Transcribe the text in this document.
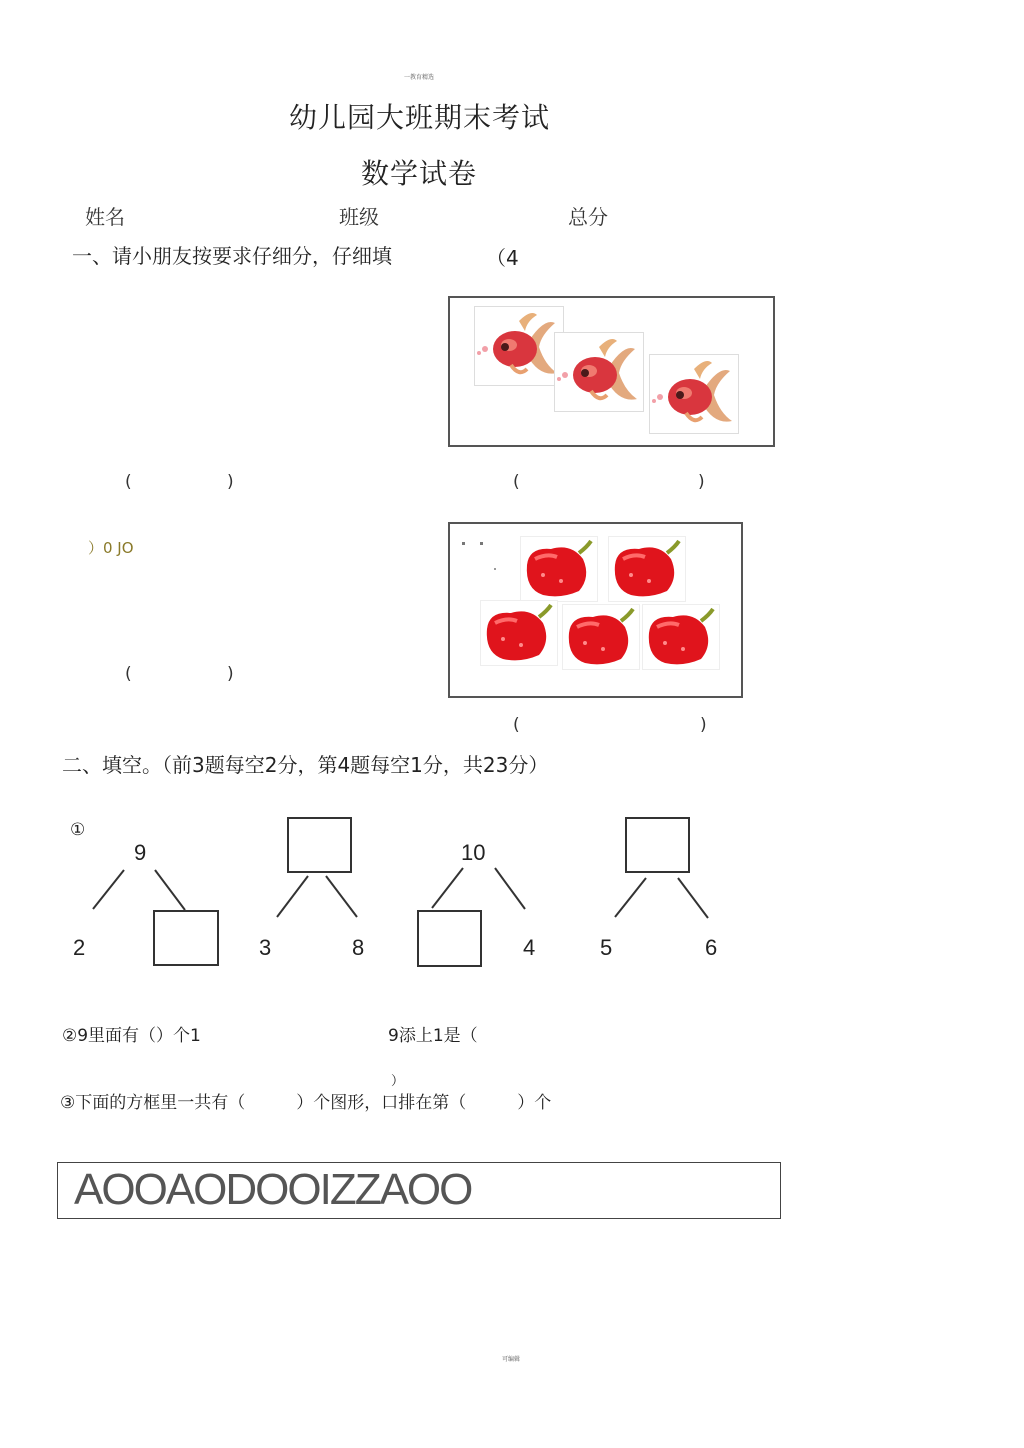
一教育精选
幼儿园大班期末考试
数学试卷
姓名	班级	总分
一、请小朋友按要求仔细分，仔细填	（4
(	)	(	)
）0 JO
(	)
(	)
二、填空。（前3题每空2分，第4题每空1分，共23分）
①
9
2	3	8
10
4	5	6
②9里面有（）个1	9添上1是（
）
③下面的方框里一共有（　　　）个图形，口排在第（　　　）个
AOOAODOOIZZAOO
可编辑
